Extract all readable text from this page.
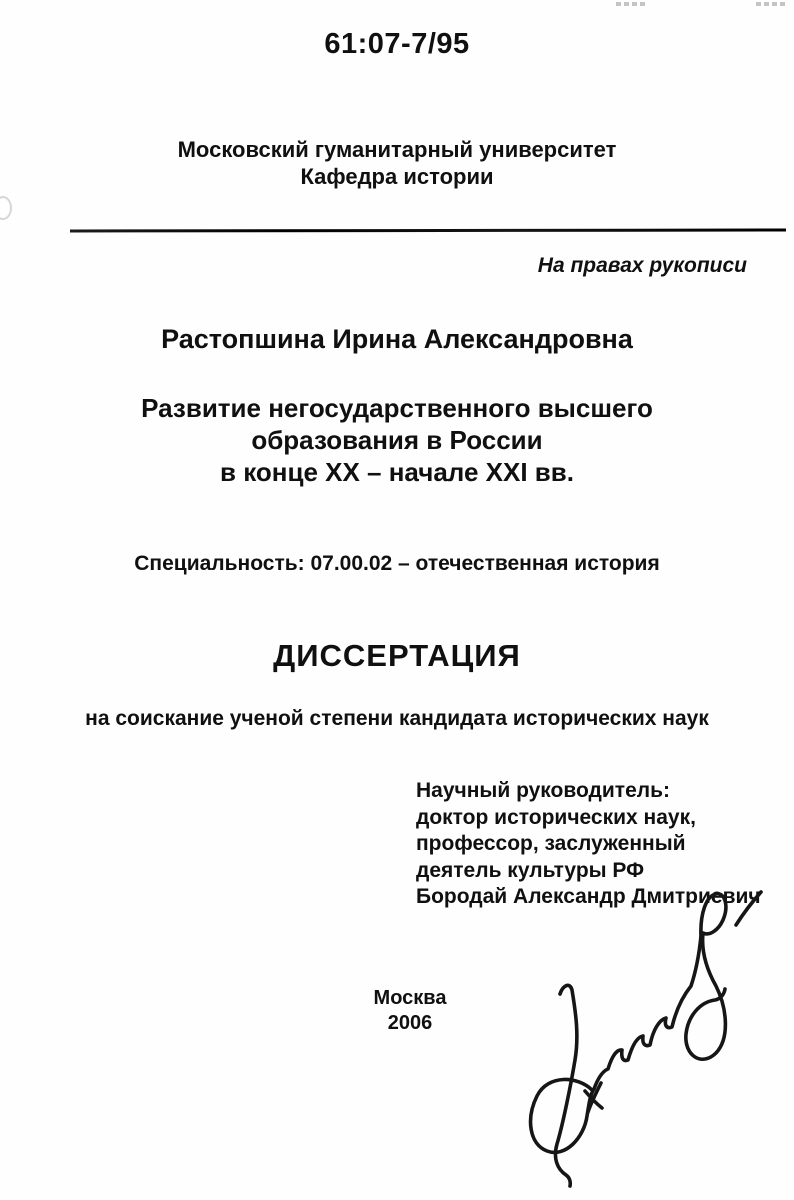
61:07-7/95
Московский гуманитарный университет
Кафедра истории
На правах рукописи
Растопшина Ирина Александровна
Развитие негосударственного высшего
образования в России
в конце XX – начале XXI вв.
Специальность: 07.00.02 – отечественная история
ДИССЕРТАЦИЯ
на соискание ученой степени кандидата исторических наук
Научный руководитель:
доктор исторических наук,
профессор, заслуженный
деятель культуры РФ
Бородай Александр Дмитриевич
Москва
2006
